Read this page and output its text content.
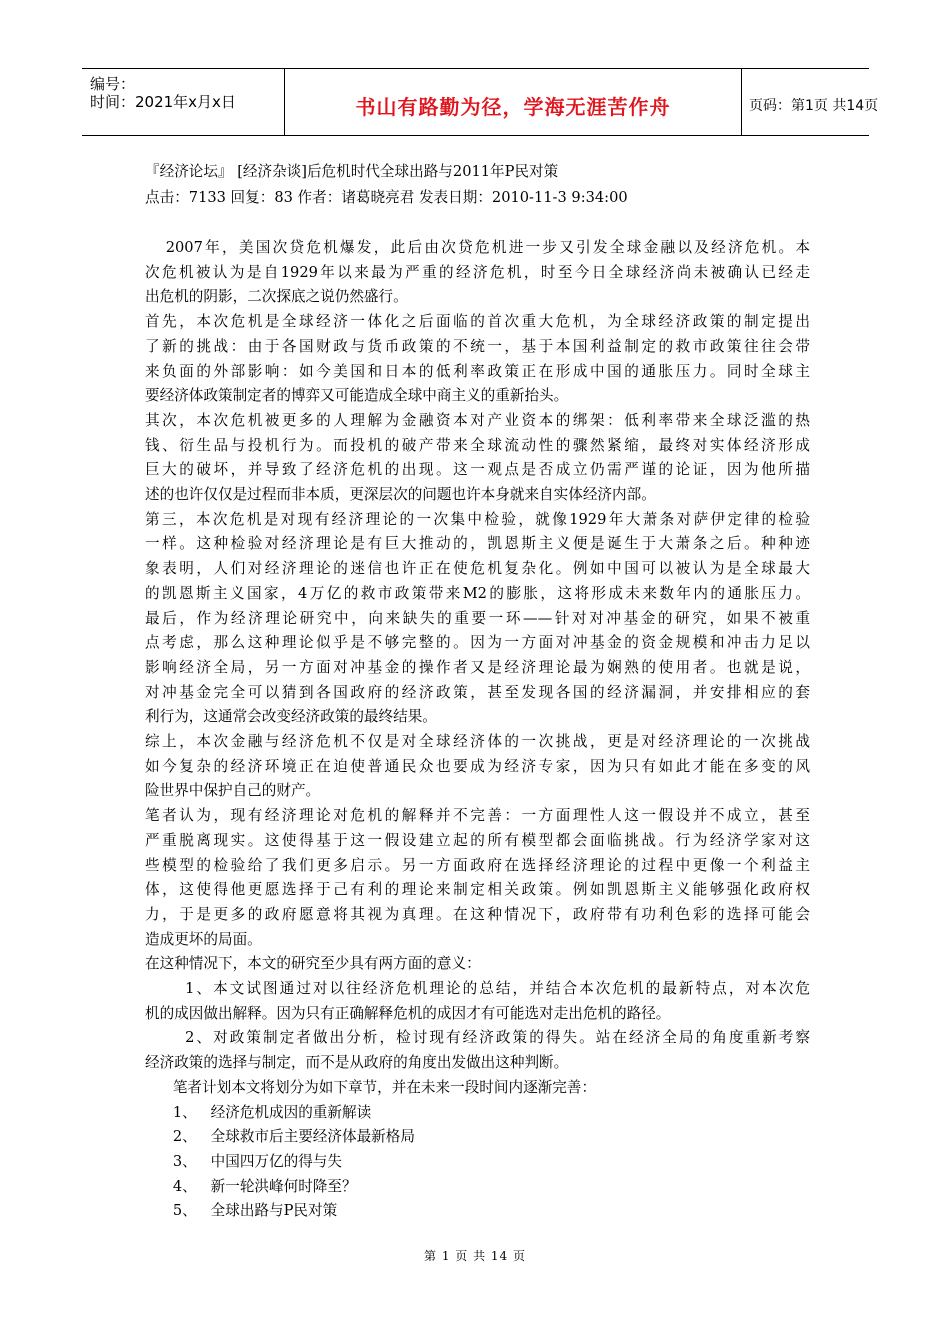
编号：
时间：2021年x月x日	书山有路勤为径，学海无涯苦作舟	页码：第1页 共14页
『经济论坛』 [经济杂谈]后危机时代全球出路与2011年P民对策
点击：7133 回复：83 作者：诸葛晓亮君 发表日期：2010-11-3 9:34:00
2007年，美国次贷危机爆发，此后由次贷危机进一步又引发全球金融以及经济危机。本
次危机被认为是自1929年以来最为严重的经济危机，时至今日全球经济尚未被确认已经走
出危机的阴影，二次探底之说仍然盛行。
首先，本次危机是全球经济一体化之后面临的首次重大危机，为全球经济政策的制定提出
了新的挑战：由于各国财政与货币政策的不统一，基于本国利益制定的救市政策往往会带
来负面的外部影响：如今美国和日本的低利率政策正在形成中国的通胀压力。同时全球主
要经济体政策制定者的博弈又可能造成全球中商主义的重新抬头。
其次，本次危机被更多的人理解为金融资本对产业资本的绑架：低利率带来全球泛滥的热
钱、衍生品与投机行为。而投机的破产带来全球流动性的骤然紧缩，最终对实体经济形成
巨大的破坏，并导致了经济危机的出现。这一观点是否成立仍需严谨的论证，因为他所描
述的也许仅仅是过程而非本质，更深层次的问题也许本身就来自实体经济内部。
第三，本次危机是对现有经济理论的一次集中检验，就像1929年大萧条对萨伊定律的检验
一样。这种检验对经济理论是有巨大推动的，凯恩斯主义便是诞生于大萧条之后。种种迹
象表明，人们对经济理论的迷信也许正在使危机复杂化。例如中国可以被认为是全球最大
的凯恩斯主义国家，4万亿的救市政策带来M2的膨胀，这将形成未来数年内的通胀压力。
最后，作为经济理论研究中，向来缺失的重要一环——针对对冲基金的研究，如果不被重
点考虑，那么这种理论似乎是不够完整的。因为一方面对冲基金的资金规模和冲击力足以
影响经济全局，另一方面对冲基金的操作者又是经济理论最为娴熟的使用者。也就是说，
对冲基金完全可以猜到各国政府的经济政策，甚至发现各国的经济漏洞，并安排相应的套
利行为，这通常会改变经济政策的最终结果。
综上，本次金融与经济危机不仅是对全球经济体的一次挑战，更是对经济理论的一次挑战
如今复杂的经济环境正在迫使普通民众也要成为经济专家，因为只有如此才能在多变的风
险世界中保护自己的财产。
笔者认为，现有经济理论对危机的解释并不完善：一方面理性人这一假设并不成立，甚至
严重脱离现实。这使得基于这一假设建立起的所有模型都会面临挑战。行为经济学家对这
些模型的检验给了我们更多启示。另一方面政府在选择经济理论的过程中更像一个利益主
体，这使得他更愿选择于己有利的理论来制定相关政策。例如凯恩斯主义能够强化政府权
力，于是更多的政府愿意将其视为真理。在这种情况下，政府带有功利色彩的选择可能会
造成更坏的局面。
在这种情况下，本文的研究至少具有两方面的意义：
1、本文试图通过对以往经济危机理论的总结，并结合本次危机的最新特点，对本次危
机的成因做出解释。因为只有正确解释危机的成因才有可能选对走出危机的路径。
2、对政策制定者做出分析，检讨现有经济政策的得失。站在经济全局的角度重新考察
经济政策的选择与制定，而不是从政府的角度出发做出这种判断。
笔者计划本文将划分为如下章节，并在未来一段时间内逐渐完善：
1、   经济危机成因的重新解读
2、   全球救市后主要经济体最新格局
3、   中国四万亿的得与失
4、   新一轮洪峰何时降至？
5、   全球出路与P民对策
第 1 页 共 14 页
